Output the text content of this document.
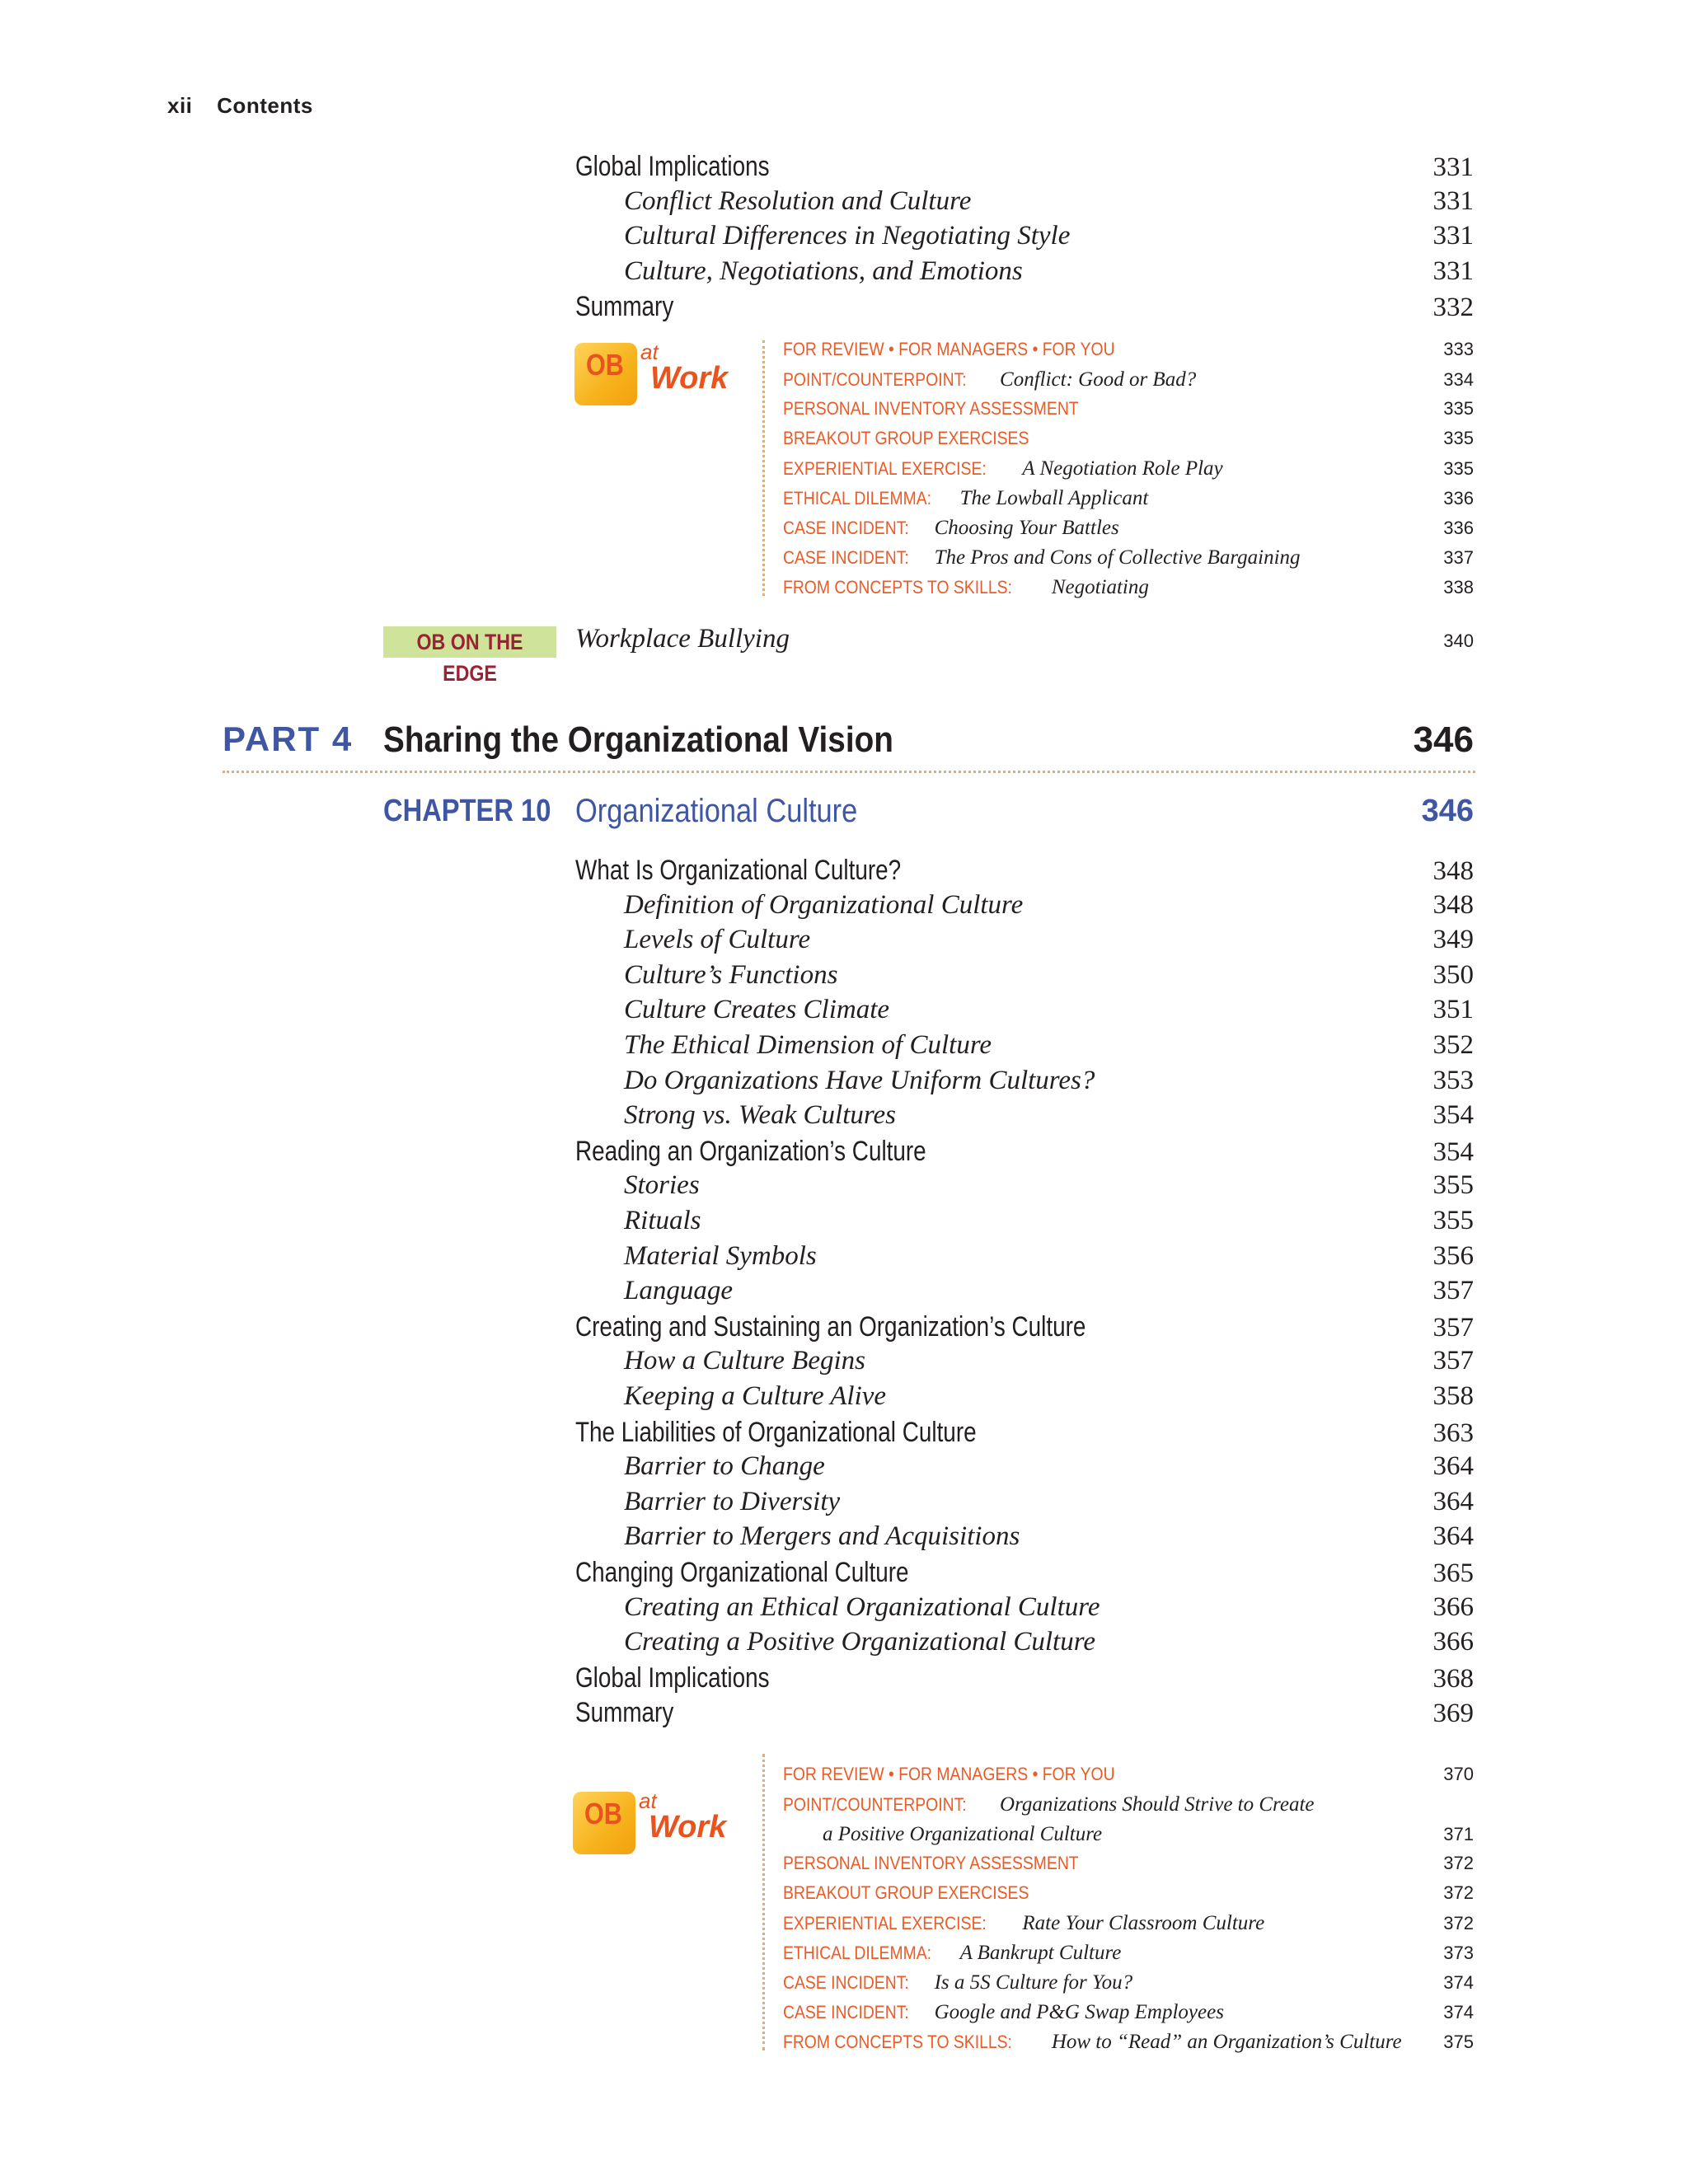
xii Contents
Global Implications	331
Conflict Resolution and Culture	331
Cultural Differences in Negotiating Style	331
Culture, Negotiations, and Emotions	331
Summary	332
OB at
Work
FOR REVIEW • FOR MANAGERS • FOR YOU	333
POINT/COUNTERPOINT: Conflict: Good or Bad?	334
PERSONAL INVENTORY ASSESSMENT	335
BREAKOUT GROUP EXERCISES	335
EXPERIENTIAL EXERCISE: A Negotiation Role Play	335
ETHICAL DILEMMA: The Lowball Applicant	336
CASE INCIDENT: Choosing Your Battles	336
CASE INCIDENT: The Pros and Cons of Collective Bargaining	337
FROM CONCEPTS TO SKILLS: Negotiating	338
OB ON THE EDGE
Workplace Bullying	340
PART 4 Sharing the Organizational Vision	346
CHAPTER 10 Organizational Culture	346
What Is Organizational Culture?	348
Definition of Organizational Culture	348
Levels of Culture	349
Culture’s Functions	350
Culture Creates Climate	351
The Ethical Dimension of Culture	352
Do Organizations Have Uniform Cultures?	353
Strong vs. Weak Cultures	354
Reading an Organization’s Culture	354
Stories	355
Rituals	355
Material Symbols	356
Language	357
Creating and Sustaining an Organization’s Culture	357
How a Culture Begins	357
Keeping a Culture Alive	358
The Liabilities of Organizational Culture	363
Barrier to Change	364
Barrier to Diversity	364
Barrier to Mergers and Acquisitions	364
Changing Organizational Culture	365
Creating an Ethical Organizational Culture	366
Creating a Positive Organizational Culture	366
Global Implications	368
Summary	369
OB at
Work
FOR REVIEW • FOR MANAGERS • FOR YOU	370
POINT/COUNTERPOINT: Organizations Should Strive to Create
a Positive Organizational Culture	371
PERSONAL INVENTORY ASSESSMENT	372
BREAKOUT GROUP EXERCISES	372
EXPERIENTIAL EXERCISE: Rate Your Classroom Culture	372
ETHICAL DILEMMA: A Bankrupt Culture	373
CASE INCIDENT: Is a 5S Culture for You?	374
CASE INCIDENT: Google and P&G Swap Employees	374
FROM CONCEPTS TO SKILLS: How to “Read” an Organization’s Culture 375
